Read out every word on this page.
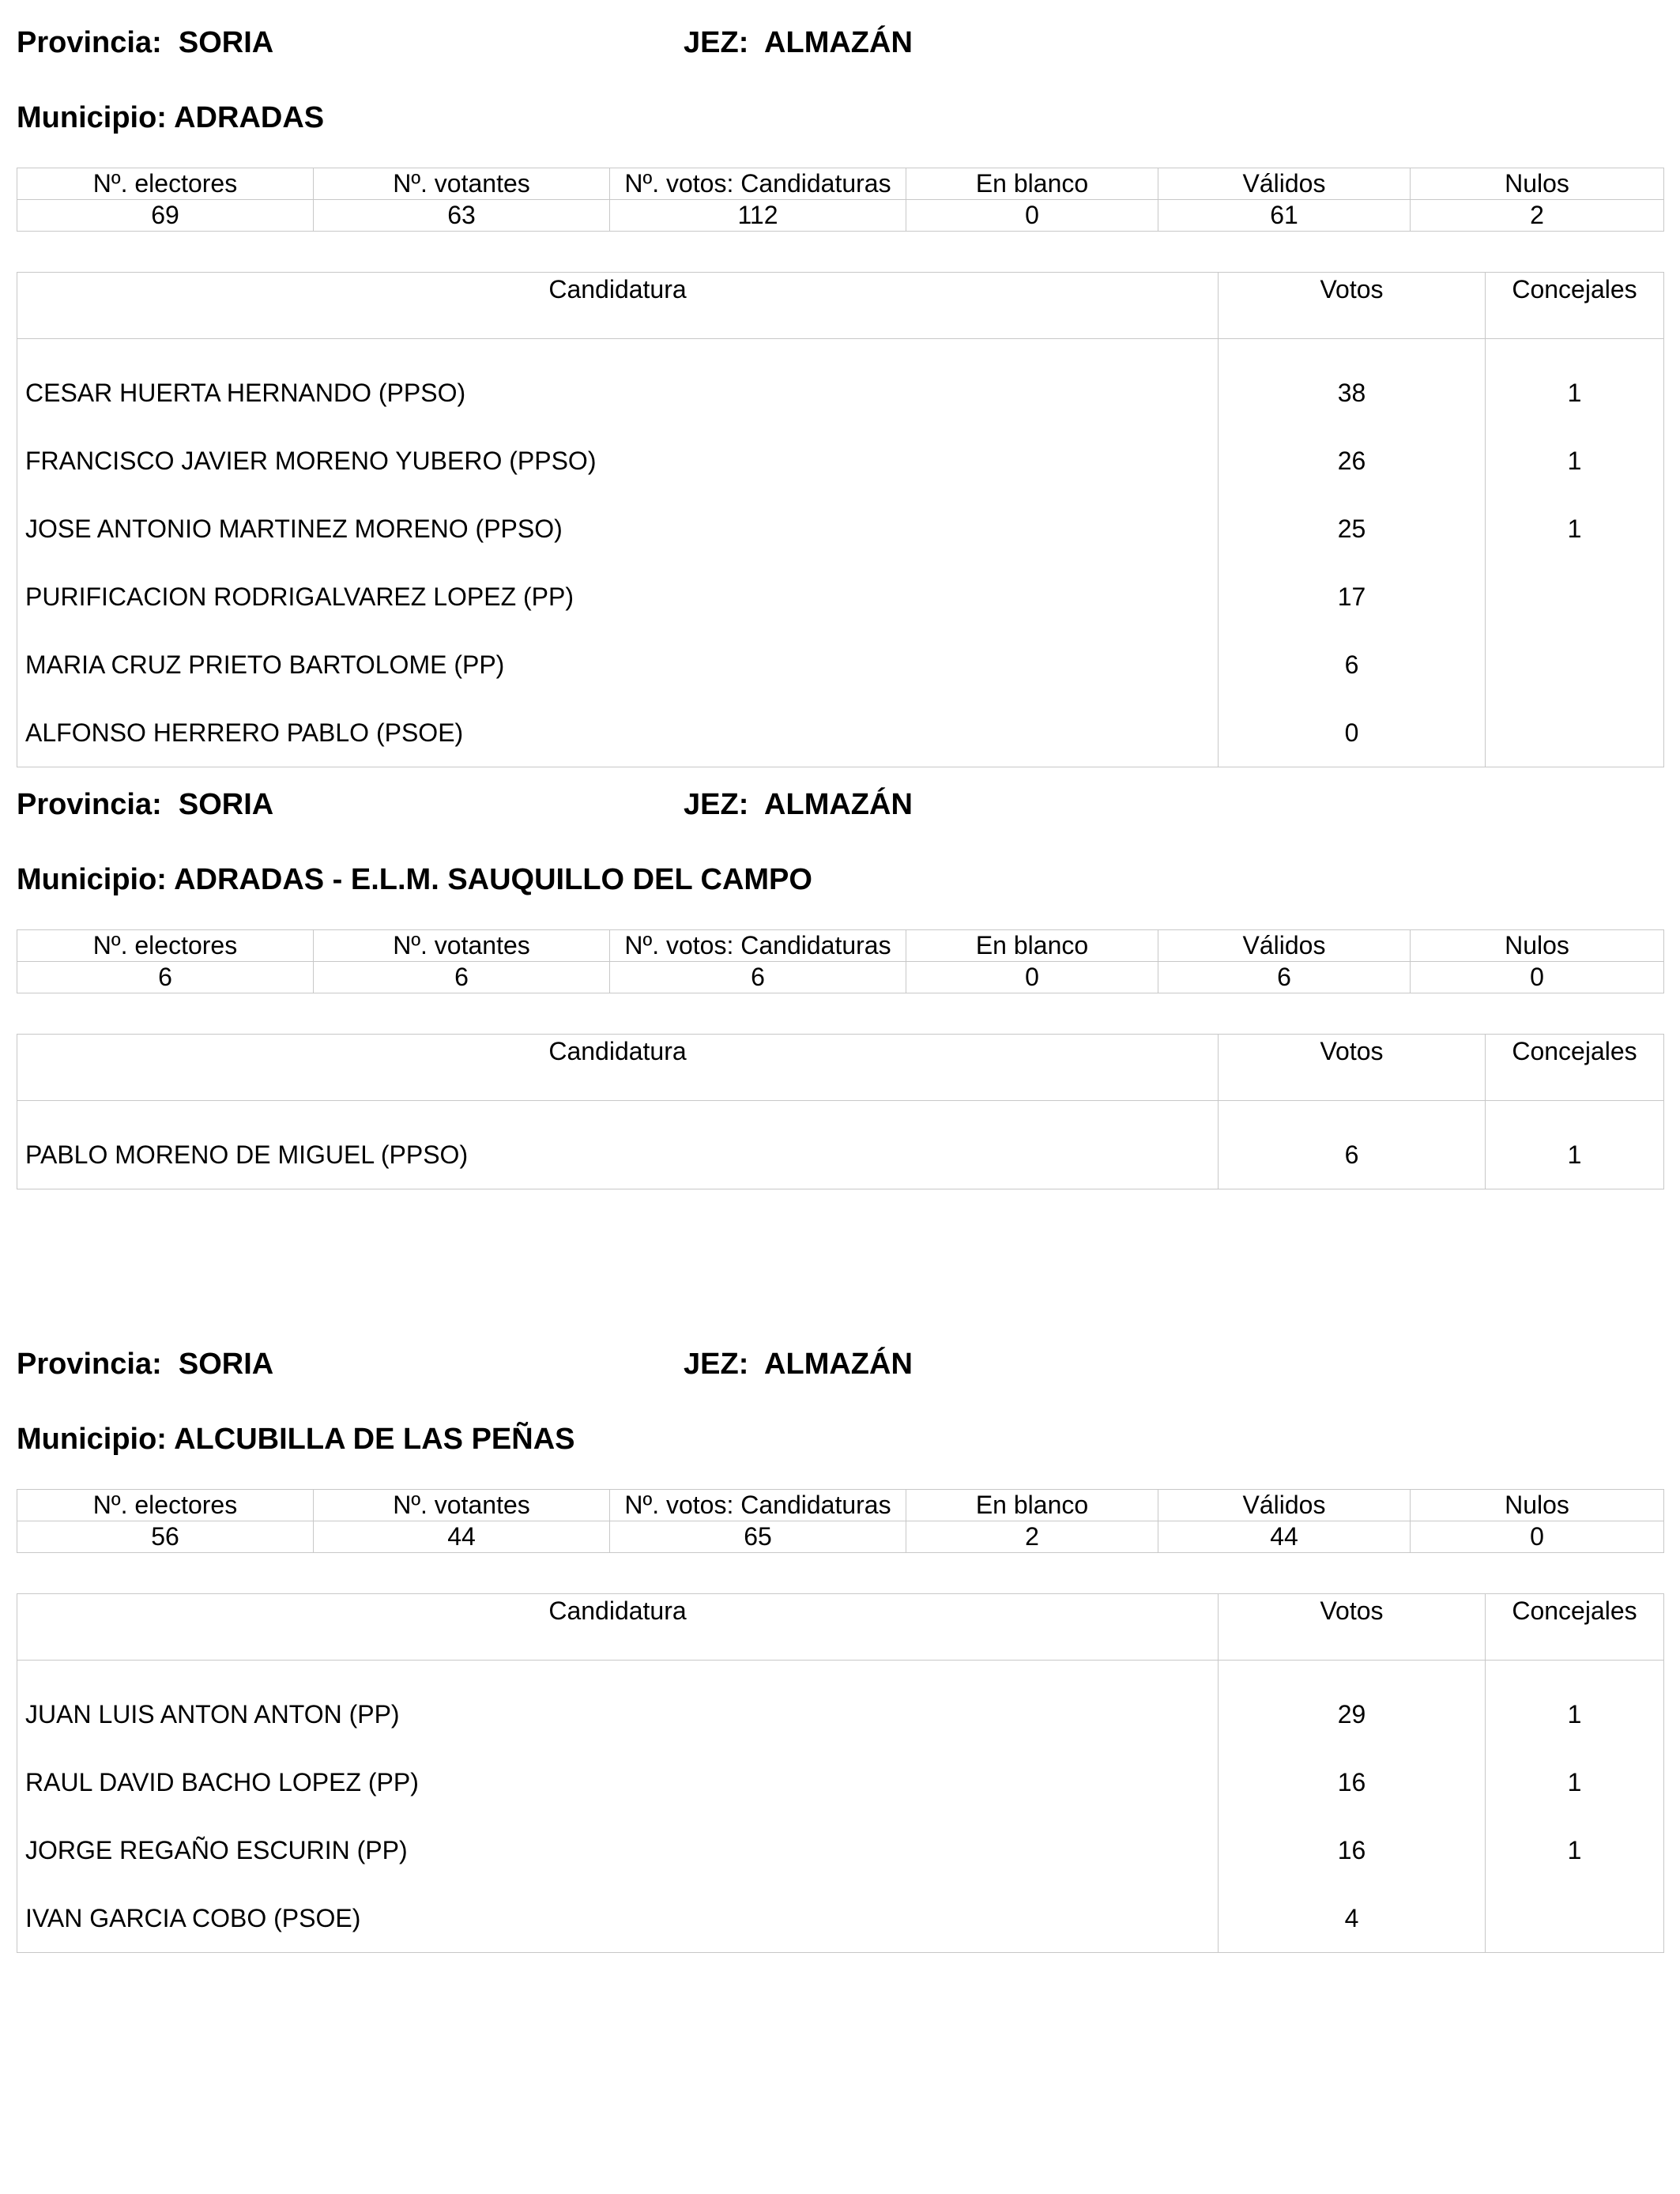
Provincia:  SORIA	JEZ:  ALMAZÁN
Municipio: ADRADAS
Nº. electores	Nº. votantes	Nº. votos: Candidaturas	En blanco	Válidos	Nulos
69	63	112	0	61	2
Candidatura	Votos	Concejales
CESAR HUERTA HERNANDO (PPSO)	38	1
FRANCISCO JAVIER MORENO YUBERO (PPSO)	26	1
JOSE ANTONIO MARTINEZ MORENO (PPSO)	25	1
PURIFICACION RODRIGALVAREZ LOPEZ (PP)	17	
MARIA CRUZ PRIETO BARTOLOME (PP)	6	
ALFONSO HERRERO PABLO (PSOE)	0	
Provincia:  SORIA	JEZ:  ALMAZÁN
Municipio: ADRADAS - E.L.M. SAUQUILLO DEL CAMPO
Nº. electores	Nº. votantes	Nº. votos: Candidaturas	En blanco	Válidos	Nulos
6	6	6	0	6	0
Candidatura	Votos	Concejales
PABLO MORENO DE MIGUEL (PPSO)	6	1
Provincia:  SORIA	JEZ:  ALMAZÁN
Municipio: ALCUBILLA DE LAS PEÑAS
Nº. electores	Nº. votantes	Nº. votos: Candidaturas	En blanco	Válidos	Nulos
56	44	65	2	44	0
Candidatura	Votos	Concejales
JUAN LUIS ANTON ANTON (PP)	29	1
RAUL DAVID BACHO LOPEZ (PP)	16	1
JORGE REGAÑO ESCURIN (PP)	16	1
IVAN GARCIA COBO (PSOE)	4	
